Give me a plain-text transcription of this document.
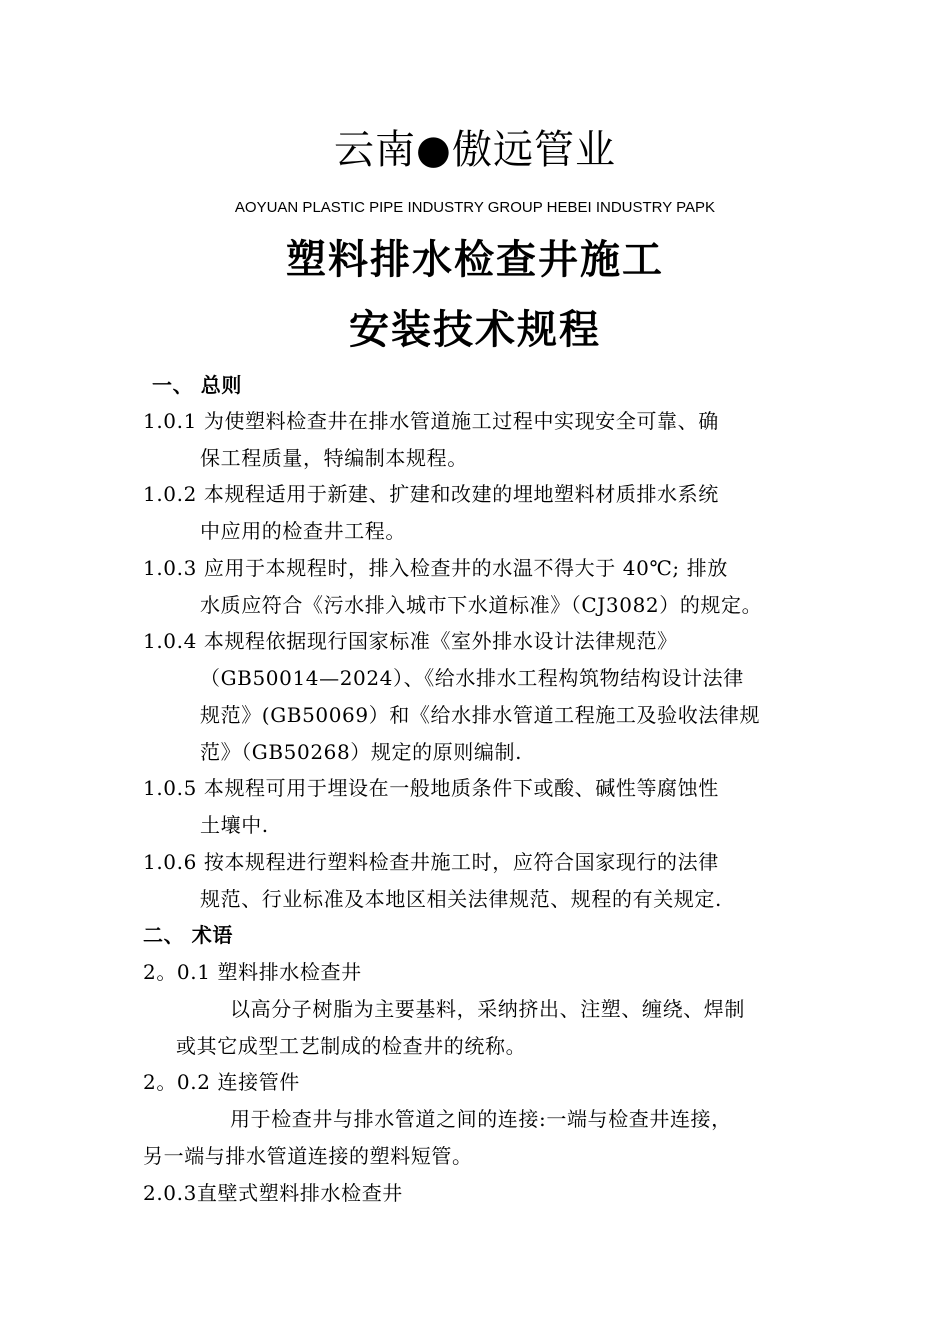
云南●傲远管业
AOYUAN PLASTIC PIPE INDUSTRY GROUP HEBEI INDUSTRY PAPK
塑料排水检查井施工
安装技术规程
一、 总则
1.0.1 为使塑料检查井在排水管道施工过程中实现安全可靠、确
保工程质量，特编制本规程。
1.0.2 本规程适用于新建、扩建和改建的埋地塑料材质排水系统
中应用的检查井工程。
1.0.3 应用于本规程时，排入检查井的水温不得大于 40℃; 排放
水质应符合《污水排入城市下水道标准》（CJ3082）的规定。
1.0.4 本规程依据现行国家标准《室外排水设计法律规范》
（GB50014—2024）、《给水排水工程构筑物结构设计法律
规范》(GB50069）和《给水排水管道工程施工及验收法律规
范》（GB50268）规定的原则编制.
1.0.5 本规程可用于埋设在一般地质条件下或酸、碱性等腐蚀性
土壤中.
1.0.6 按本规程进行塑料检查井施工时，应符合国家现行的法律
规范、行业标准及本地区相关法律规范、规程的有关规定.
二、 术语
2。0.1 塑料排水检查井
以高分子树脂为主要基料，采纳挤出、注塑、缠绕、焊制
或其它成型工艺制成的检查井的统称。
2。0.2 连接管件
用于检查井与排水管道之间的连接:一端与检查井连接，
另一端与排水管道连接的塑料短管。
2.0.3直壁式塑料排水检查井
